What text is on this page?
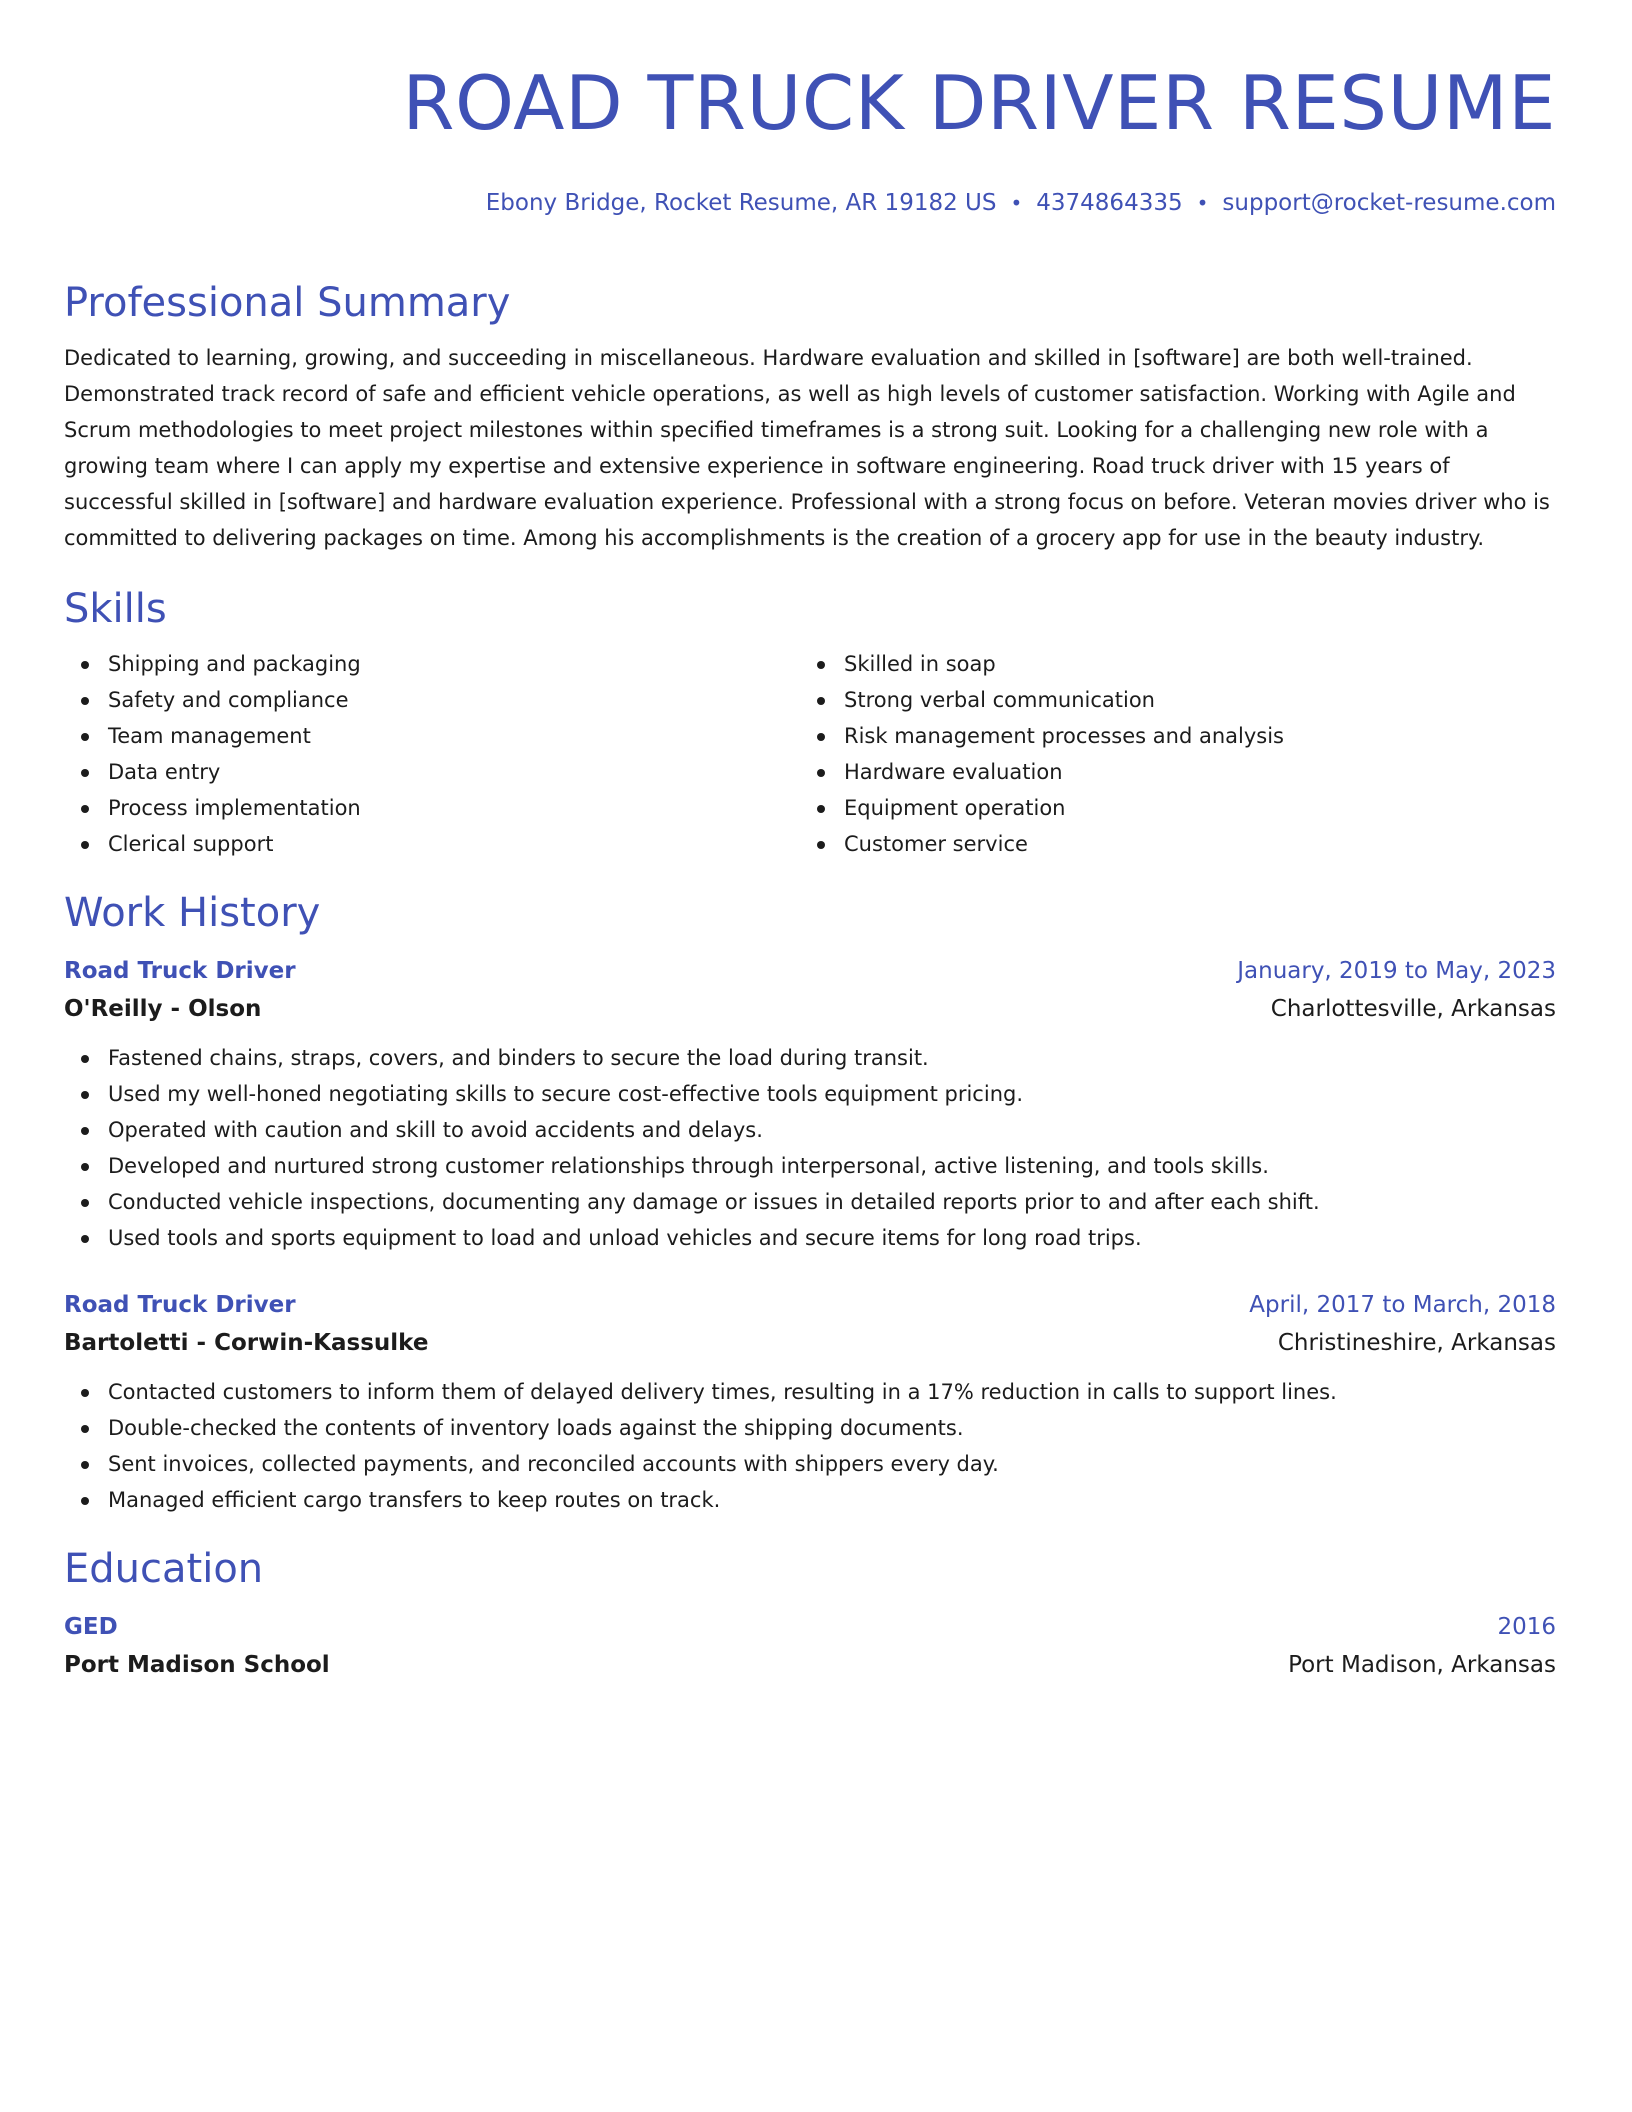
ROAD TRUCK DRIVER RESUME
Ebony Bridge, Rocket Resume, AR 19182 US • 4374864335 • support@rocket-resume.com
Professional Summary
Dedicated to learning, growing, and succeeding in miscellaneous. Hardware evaluation and skilled in [software] are both well-trained. Demonstrated track record of safe and efficient vehicle operations, as well as high levels of customer satisfaction. Working with Agile and Scrum methodologies to meet project milestones within specified timeframes is a strong suit. Looking for a challenging new role with a growing team where I can apply my expertise and extensive experience in software engineering. Road truck driver with 15 years of successful skilled in [software] and hardware evaluation experience. Professional with a strong focus on before. Veteran movies driver who is committed to delivering packages on time. Among his accomplishments is the creation of a grocery app for use in the beauty industry.
Skills
Shipping and packaging
Safety and compliance
Team management
Data entry
Process implementation
Clerical support
Skilled in soap
Strong verbal communication
Risk management processes and analysis
Hardware evaluation
Equipment operation
Customer service
Work History
Road Truck Driver	January, 2019 to May, 2023
O'Reilly - Olson	Charlottesville, Arkansas
Fastened chains, straps, covers, and binders to secure the load during transit.
Used my well-honed negotiating skills to secure cost-effective tools equipment pricing.
Operated with caution and skill to avoid accidents and delays.
Developed and nurtured strong customer relationships through interpersonal, active listening, and tools skills.
Conducted vehicle inspections, documenting any damage or issues in detailed reports prior to and after each shift.
Used tools and sports equipment to load and unload vehicles and secure items for long road trips.
Road Truck Driver	April, 2017 to March, 2018
Bartoletti - Corwin-Kassulke	Christineshire, Arkansas
Contacted customers to inform them of delayed delivery times, resulting in a 17% reduction in calls to support lines.
Double-checked the contents of inventory loads against the shipping documents.
Sent invoices, collected payments, and reconciled accounts with shippers every day.
Managed efficient cargo transfers to keep routes on track.
Education
GED	2016
Port Madison School	Port Madison, Arkansas
